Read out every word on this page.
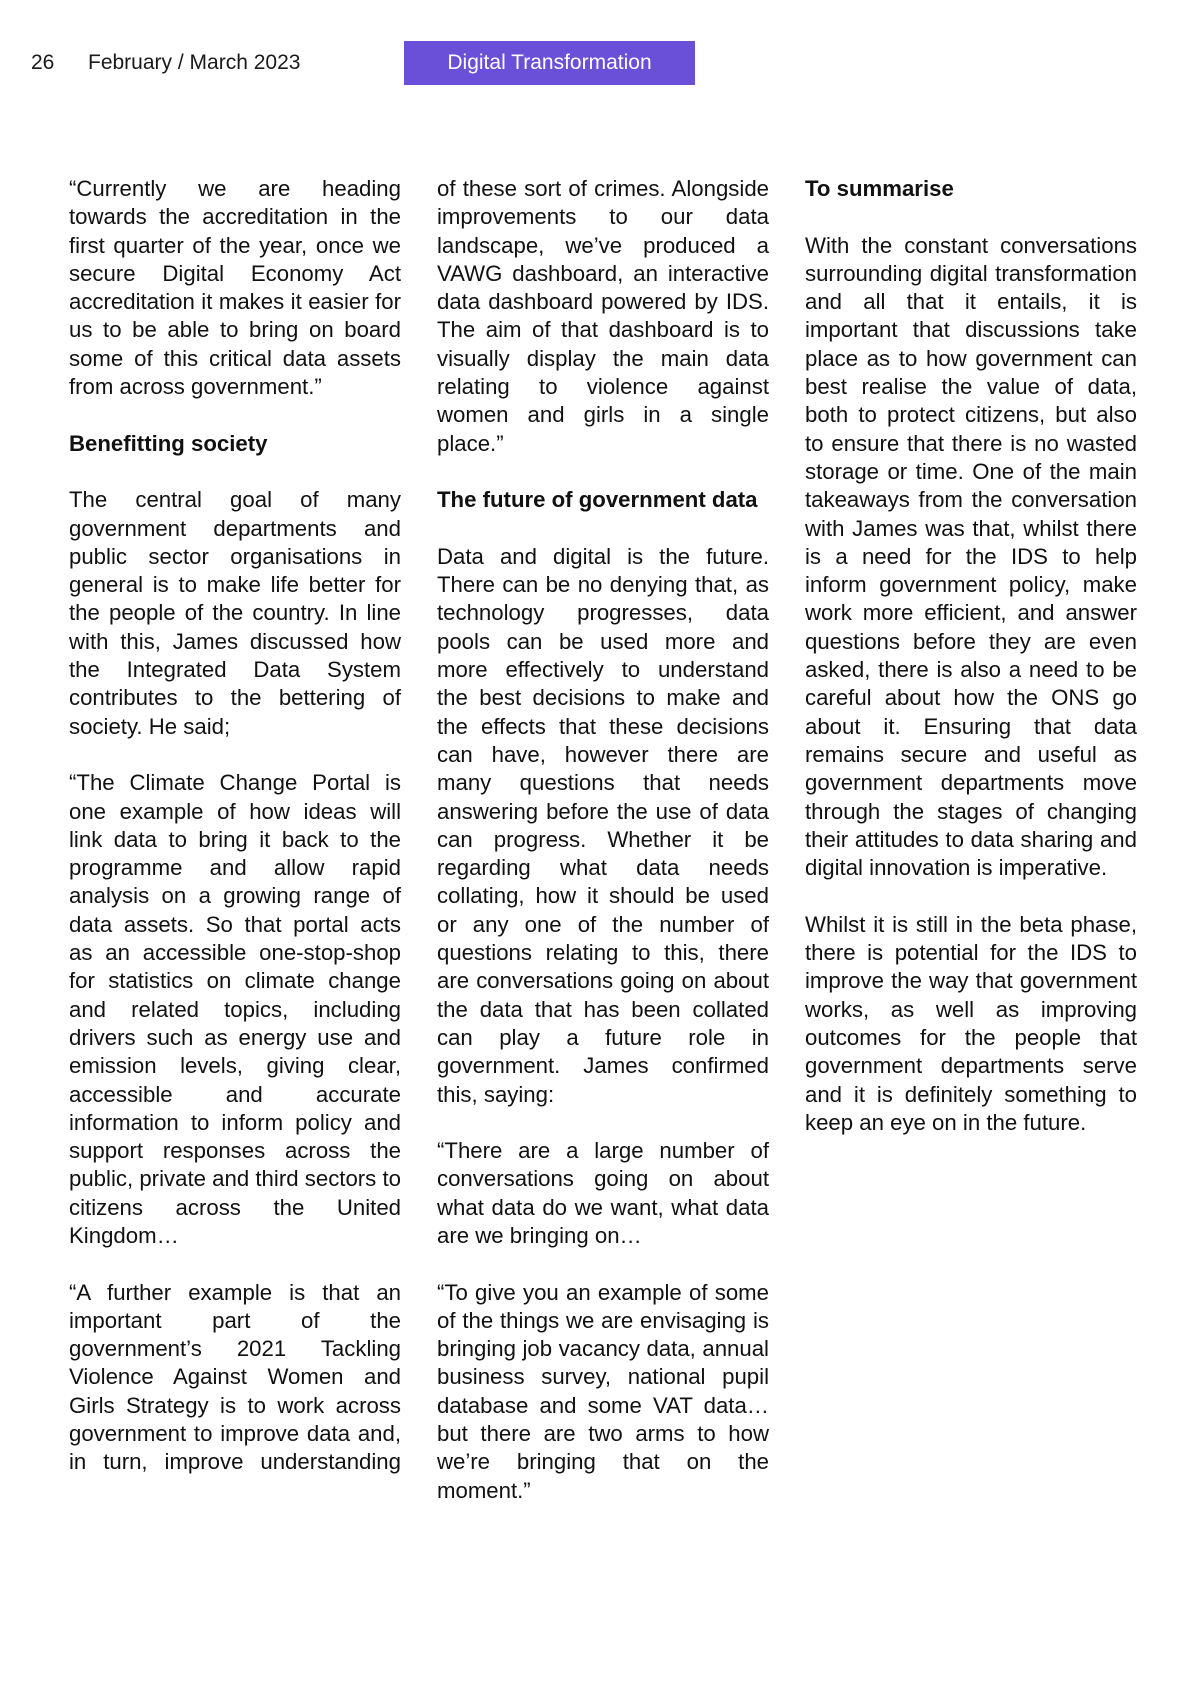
26 February / March 2023	Digital Transformation

“Currently we are heading towards the accreditation in the first quarter of the year, once we secure Digital Economy Act accreditation it makes it easier for us to be able to bring on board some of this critical data assets from across government.”

Benefitting society

The central goal of many government departments and public sector organisations in general is to make life better for the people of the country. In line with this, James discussed how the Integrated Data System contributes to the bettering of society. He said;

“The Climate Change Portal is one example of how ideas will link data to bring it back to the programme and allow rapid analysis on a growing range of data assets. So that portal acts as an accessible one-stop-shop for statistics on climate change and related topics, including drivers such as energy use and emission levels, giving clear, accessible and accurate information to inform policy and support responses across the public, private and third sectors to citizens across the United Kingdom…

“A further example is that an important part of the government’s 2021 Tackling Violence Against Women and Girls Strategy is to work across government to improve data and, in turn, improve understanding

of these sort of crimes. Alongside improvements to our data landscape, we’ve produced a VAWG dashboard, an interactive data dashboard powered by IDS. The aim of that dashboard is to visually display the main data relating to violence against women and girls in a single place.”

The future of government data

Data and digital is the future. There can be no denying that, as technology progresses, data pools can be used more and more effectively to understand the best decisions to make and the effects that these decisions can have, however there are many questions that needs answering before the use of data can progress. Whether it be regarding what data needs collating, how it should be used or any one of the number of questions relating to this, there are conversations going on about the data that has been collated can play a future role in government. James confirmed this, saying:

“There are a large number of conversations going on about what data do we want, what data are we bringing on…

“To give you an example of some of the things we are envisaging is bringing job vacancy data, annual business survey, national pupil database and some VAT data… but there are two arms to how we’re bringing that on the moment.”

To summarise

With the constant conversations surrounding digital transformation and all that it entails, it is important that discussions take place as to how government can best realise the value of data, both to protect citizens, but also to ensure that there is no wasted storage or time. One of the main takeaways from the conversation with James was that, whilst there is a need for the IDS to help inform government policy, make work more efficient, and answer questions before they are even asked, there is also a need to be careful about how the ONS go about it. Ensuring that data remains secure and useful as government departments move through the stages of changing their attitudes to data sharing and digital innovation is imperative.

Whilst it is still in the beta phase, there is potential for the IDS to improve the way that government works, as well as improving outcomes for the people that government departments serve and it is definitely something to keep an eye on in the future.
